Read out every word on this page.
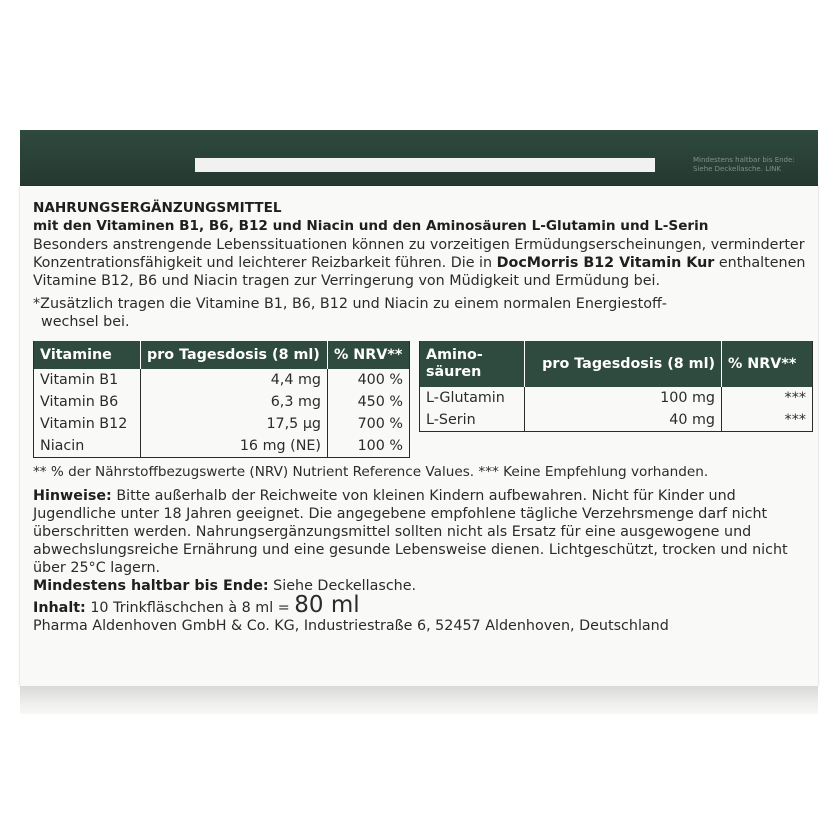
Mindestens haltbar bis Ende: Siehe Deckellasche. LINK
NAHRUNGSERGÄNZUNGSMITTEL
mit den Vitaminen B1, B6, B12 und Niacin und den Aminosäuren L-Glutamin und L-Serin

Besonders anstrengende Lebenssituationen können zu vorzeitigen Ermüdungserscheinungen, verminderter Konzentrationsfähigkeit und leichterer Reizbarkeit führen. Die in DocMorris B12 Vitamin Kur enthaltenen Vitamine B12, B6 und Niacin tragen zur Verringerung von Müdigkeit und Ermüdung bei.

*Zusätzlich tragen die Vitamine B1, B6, B12 und Niacin zu einem normalen Energiestoff-
wechsel bei.
Vitamine	pro Tagesdosis (8 ml)	% NRV**
Vitamin B1	4,4 mg	400 %
Vitamin B6	6,3 mg	450 %
Vitamin B12	17,5 µg	700 %
Niacin	16 mg (NE)	100 %
Amino-
säuren	pro Tagesdosis (8 ml)	% NRV**
L-Glutamin	100 mg	***
L-Serin	40 mg	***
** % der Nährstoffbezugswerte (NRV) Nutrient Reference Values. *** Keine Empfehlung vorhanden.

Hinweise: Bitte außerhalb der Reichweite von kleinen Kindern aufbewahren. Nicht für Kinder und Jugendliche unter 18 Jahren geeignet. Die angegebene empfohlene tägliche Verzehrsmenge darf nicht überschritten werden. Nahrungsergänzungsmittel sollten nicht als Ersatz für eine ausgewogene und abwechslungsreiche Ernährung und eine gesunde Lebensweise dienen. Lichtgeschützt, trocken und nicht über 25°C lagern.

Mindestens haltbar bis Ende: Siehe Deckellasche.
Inhalt: 10 Trinkfläschchen à 8 ml = 80 ml
Pharma Aldenhoven GmbH & Co. KG, Industriestraße 6, 52457 Aldenhoven, Deutschland
